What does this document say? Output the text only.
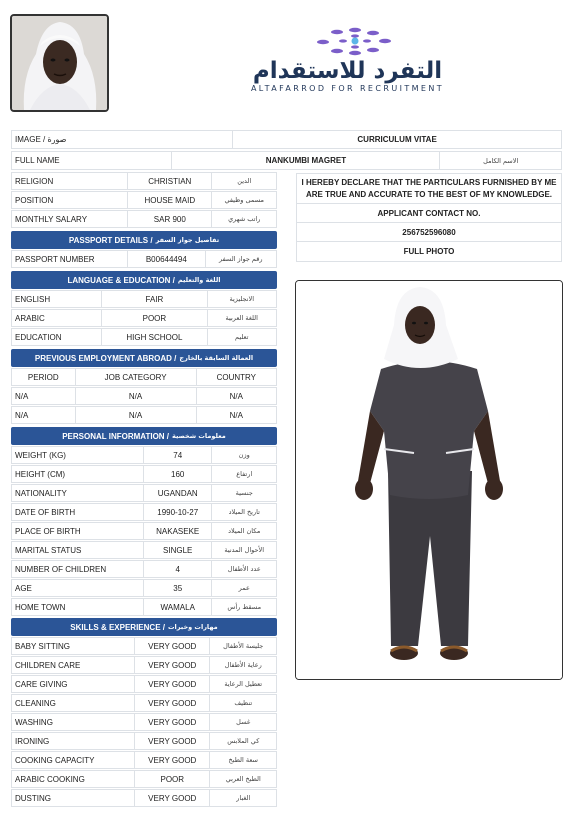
التفرد للاستقدام
ALTAFARROD FOR RECRUITMENT
IMAGE / صورة	CURRICULUM VITAE
FULL NAME	NANKUMBI MAGRET	الاسم الكامل
RELIGION	CHRISTIAN	الدين
POSITION	HOUSE MAID	مسمى وظيفي
MONTHLY SALARY	SAR 900	راتب شهري
I HEREBY DECLARE THAT THE PARTICULARS FURNISHED BY ME ARE TRUE AND ACCURATE TO THE BEST OF MY KNOWLEDGE.
APPLICANT CONTACT NO.
256752596080
FULL PHOTO
PASSPORT DETAILS / تفاصيل جواز السفر
PASSPORT NUMBER	B00644494	رقم جواز السفر
LANGUAGE & EDUCATION / اللغة والتعليم
ENGLISH	FAIR	الانجليزية
ARABIC	POOR	اللغة العربية
EDUCATION	HIGH SCHOOL	تعليم
PREVIOUS EMPLOYMENT ABROAD / العمالة السابقة بالخارج
PERIOD	JOB CATEGORY	COUNTRY
N/A	N/A	N/A
N/A	N/A	N/A
PERSONAL INFORMATION / معلومات شخصية
WEIGHT (KG)	74	وزن
HEIGHT (CM)	160	ارتفاع
NATIONALITY	UGANDAN	جنسية
DATE OF BIRTH	1990-10-27	تاريخ الميلاد
PLACE OF BIRTH	NAKASEKE	مكان الميلاد
MARITAL STATUS	SINGLE	الأحوال المدنية
NUMBER OF CHILDREN	4	عدد الأطفال
AGE	35	عمر
HOME TOWN	WAMALA	مسقط رأس
SKILLS & EXPERIENCE / مهارات وخبرات
BABY SITTING	VERY GOOD	جليسة الأطفال
CHILDREN CARE	VERY GOOD	رعاية الأطفال
CARE GIVING	VERY GOOD	تعطيل الرعاية
CLEANING	VERY GOOD	تنظيف
WASHING	VERY GOOD	غسل
IRONING	VERY GOOD	كي الملابس
COOKING CAPACITY	VERY GOOD	سعة الطبخ
ARABIC COOKING	POOR	الطبخ العربي
DUSTING	VERY GOOD	الغبار
